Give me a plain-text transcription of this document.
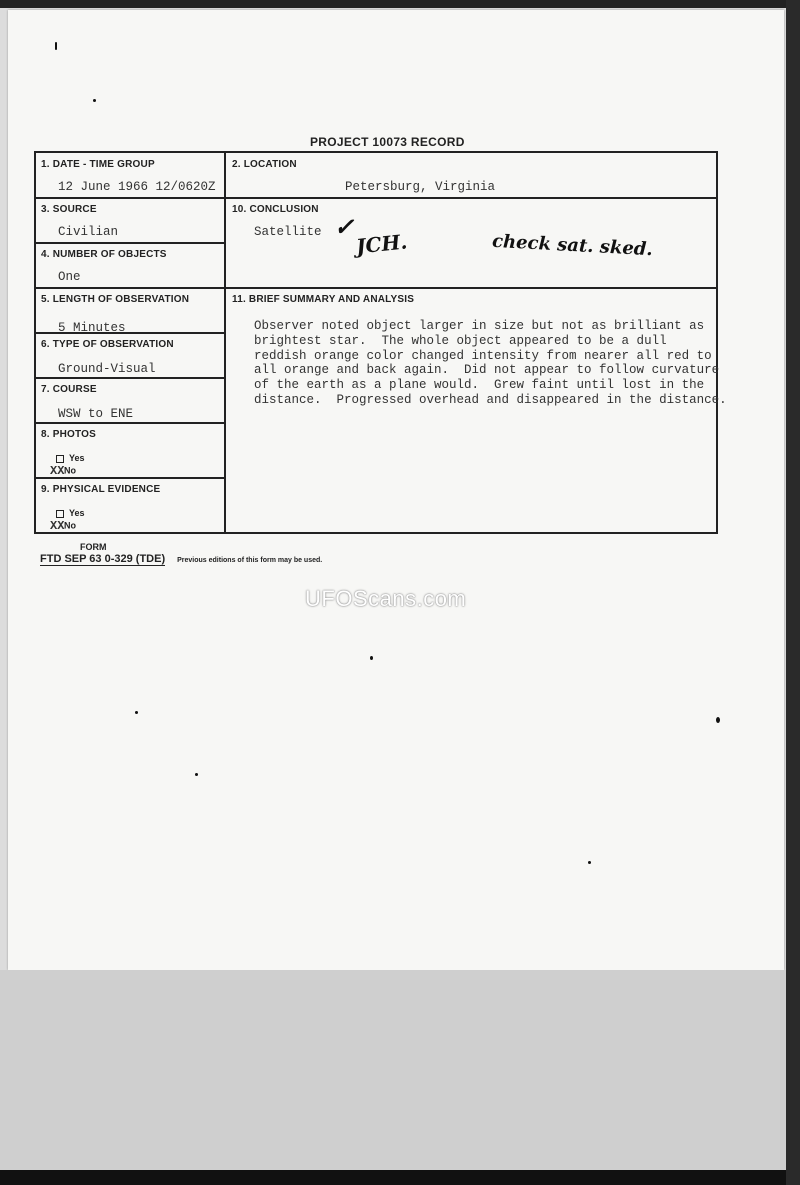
PROJECT 10073 RECORD
1. DATE - TIME GROUP
12 June 1966 12/0620Z
2. LOCATION
Petersburg, Virginia
3. SOURCE
Civilian
10. CONCLUSION
Satellite
4. NUMBER OF OBJECTS
One
5. LENGTH OF OBSERVATION
5 Minutes
11. BRIEF SUMMARY AND ANALYSIS
Observer noted object larger in size but not as brilliant as
brightest star.  The whole object appeared to be a dull
reddish orange color changed intensity from nearer all red to
all orange and back again.  Did not appear to follow curvature
of the earth as a plane would.  Grew faint until lost in the
distance.  Progressed overhead and disappeared in the distance.
6. TYPE OF OBSERVATION
Ground-Visual
7. COURSE
WSW to ENE
8. PHOTOS
Yes
XXNo
9. PHYSICAL EVIDENCE
Yes
XXNo
✓
JCH.	check sat. sked.
FORM
FTD SEP 63 0-329 (TDE) Previous editions of this form may be used.
UFOScans.com
